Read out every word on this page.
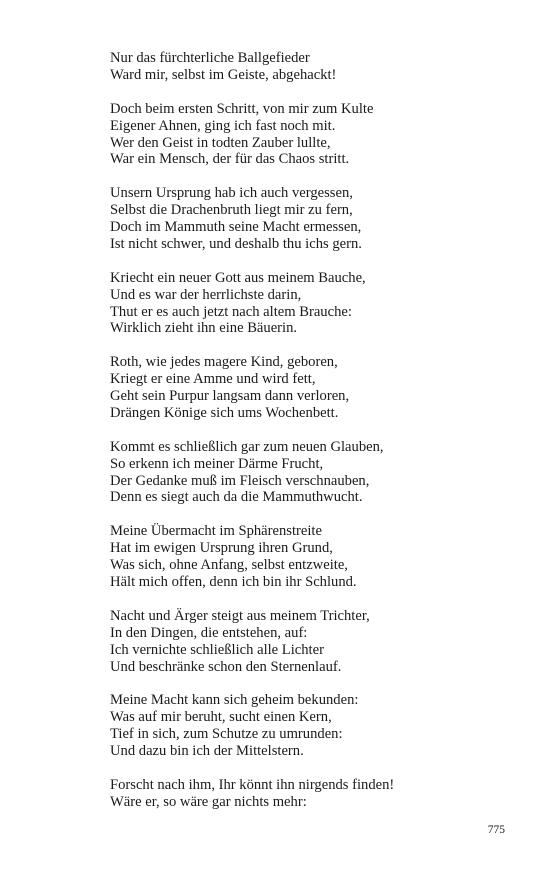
Nur das fürchterliche Ballgefieder
Ward mir, selbst im Geiste, abgehackt!
Doch beim ersten Schritt, von mir zum Kulte
Eigener Ahnen, ging ich fast noch mit.
Wer den Geist in todten Zauber lullte,
War ein Mensch, der für das Chaos stritt.
Unsern Ursprung hab ich auch vergessen,
Selbst die Drachenbruth liegt mir zu fern,
Doch im Mammuth seine Macht ermessen,
Ist nicht schwer, und deshalb thu ichs gern.
Kriecht ein neuer Gott aus meinem Bauche,
Und es war der herrlichste darin,
Thut er es auch jetzt nach altem Brauche:
Wirklich zieht ihn eine Bäuerin.
Roth, wie jedes magere Kind, geboren,
Kriegt er eine Amme und wird fett,
Geht sein Purpur langsam dann verloren,
Drängen Könige sich ums Wochenbett.
Kommt es schließlich gar zum neuen Glauben,
So erkenn ich meiner Därme Frucht,
Der Gedanke muß im Fleisch verschnauben,
Denn es siegt auch da die Mammuthwucht.
Meine Übermacht im Sphärenstreite
Hat im ewigen Ursprung ihren Grund,
Was sich, ohne Anfang, selbst entzweite,
Hält mich offen, denn ich bin ihr Schlund.
Nacht und Ärger steigt aus meinem Trichter,
In den Dingen, die entstehen, auf:
Ich vernichte schließlich alle Lichter
Und beschränke schon den Sternenlauf.
Meine Macht kann sich geheim bekunden:
Was auf mir beruht, sucht einen Kern,
Tief in sich, zum Schutze zu umrunden:
Und dazu bin ich der Mittelstern.
Forscht nach ihm, Ihr könnt ihn nirgends finden!
Wäre er, so wäre gar nichts mehr:
775
